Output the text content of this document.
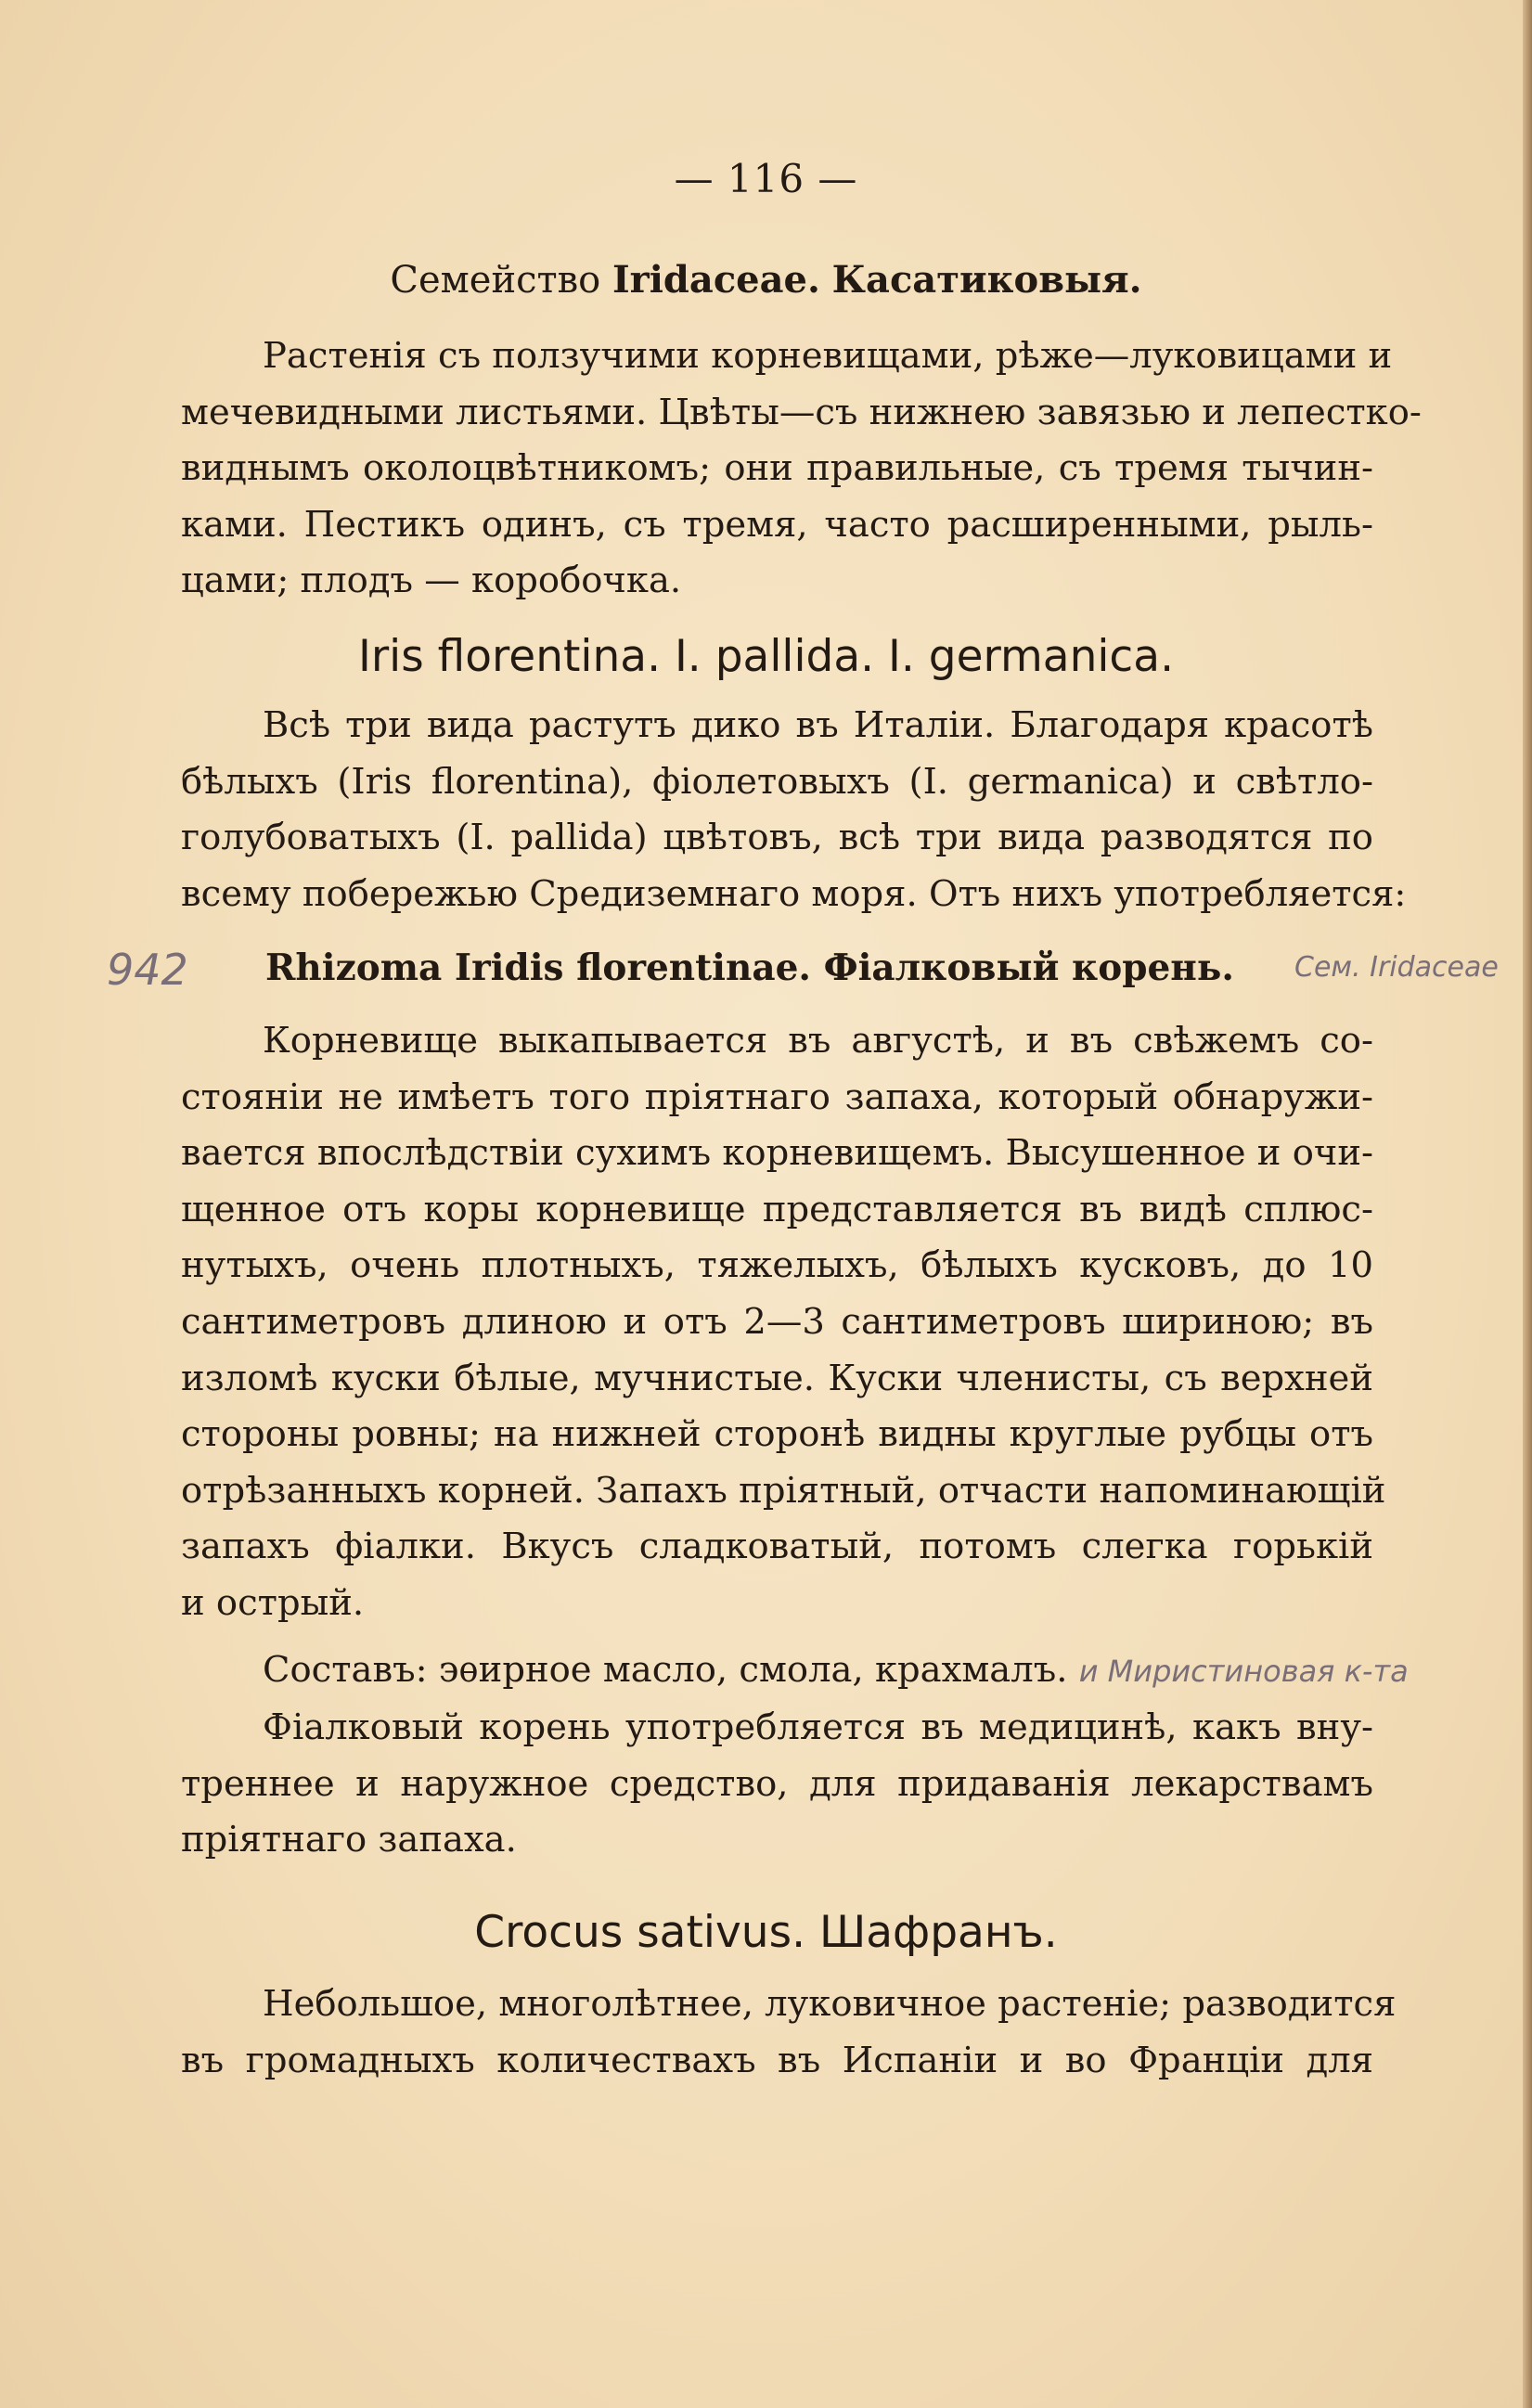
— 116 —
Семейство Iridaceae. Касатиковыя.

Растенія съ ползучими корневищами, рѣже—луковицами и
мечевидными листьями. Цвѣты—съ нижнею завязью и лепестко-
виднымъ околоцвѣтникомъ; они правильные, съ тремя тычин-
ками. Пестикъ одинъ, съ тремя, часто расширенными, рыль-
цами; плодъ — коробочка.

Iris florentina. I. pallida. I. germanica.

Всѣ три вида растутъ дико въ Италіи. Благодаря красотѣ
бѣлыхъ (Iris florentina), фіолетовыхъ (I. germanica) и свѣтло-
голубоватыхъ (I. pallida) цвѣтовъ, всѣ три вида разводятся по
всему побережью Средиземнаго моря. Отъ нихъ употребляется:

942 Rhizoma Iridis florentinae. Фіалковый корень. Сем. Iridaceae

Корневище выкапывается въ августѣ, и въ свѣжемъ со-
стояніи не имѣетъ того пріятнаго запаха, который обнаружи-
вается впослѣдствіи сухимъ корневищемъ. Высушенное и очи-
щенное отъ коры корневище представляется въ видѣ сплюс-
нутыхъ, очень плотныхъ, тяжелыхъ, бѣлыхъ кусковъ, до 10
сантиметровъ длиною и отъ 2—3 сантиметровъ шириною; въ
изломѣ куски бѣлые, мучнистые. Куски членисты, съ верхней
стороны ровны; на нижней сторонѣ видны круглые рубцы отъ
отрѣзанныхъ корней. Запахъ пріятный, отчасти напоминающій
запахъ фіалки. Вкусъ сладковатый, потомъ слегка горькій
и острый.

Составъ: эѳирное масло, смола, крахмалъ. и Миристиновая к-та

Фіалковый корень употребляется въ медицинѣ, какъ вну-
треннее и наружное средство, для придаванія лекарствамъ
пріятнаго запаха.

Crocus sativus. Шафранъ.

Небольшое, многолѣтнее, луковичное растеніе; разводится
въ громадныхъ количествахъ въ Испаніи и во Франціи для
